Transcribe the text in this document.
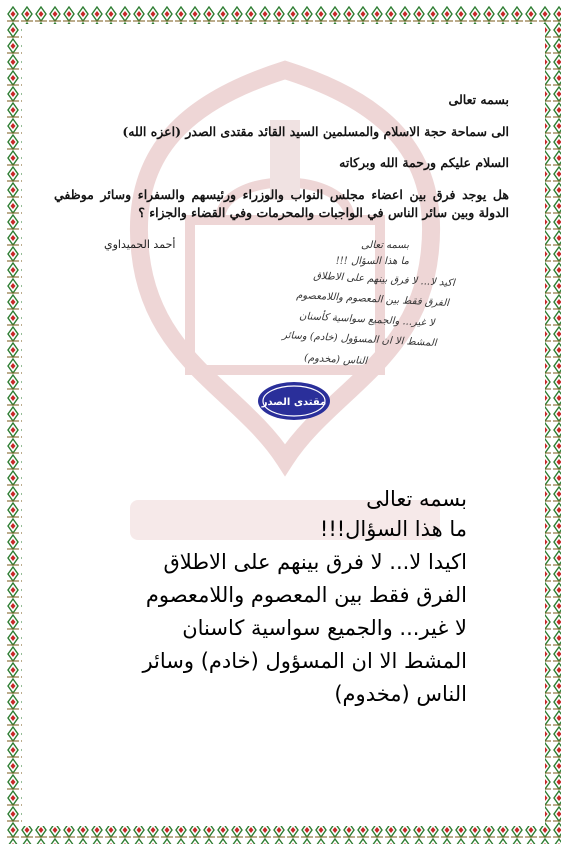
بسمه تعالى
الى سماحة حجة الاسلام والمسلمين السيد القائد مقتدى الصدر (اعزه الله)
السلام عليكم ورحمة الله وبركاته
هل يوجد فرق بين اعضاء مجلس النواب والوزراء ورئيسهم والسفراء وسائر موظفي الدولة وبين سائر الناس في الواجبات والمحرمات وفي القضاء والجزاء ؟
أحمد الحميداوي	بسمه تعالى
ما هذا السؤال !!!
اكيد لا... لا فرق بينهم على الاطلاق
الفرق فقط بين المعصوم واللامعصوم
لا غير... والجميع سواسية كأسنان
المشط الا ان المسؤول (خادم) وسائر
الناس (مخدوم)
مقتدى الصدر
بسمه تعالى
ما هذا السؤال!!!
اكيدا لا... لا فرق بينهم على الاطلاق
الفرق فقط بين المعصوم واللامعصوم
لا غير... والجميع سواسية كاسنان
المشط الا ان المسؤول (خادم) وسائر
الناس (مخدوم)
